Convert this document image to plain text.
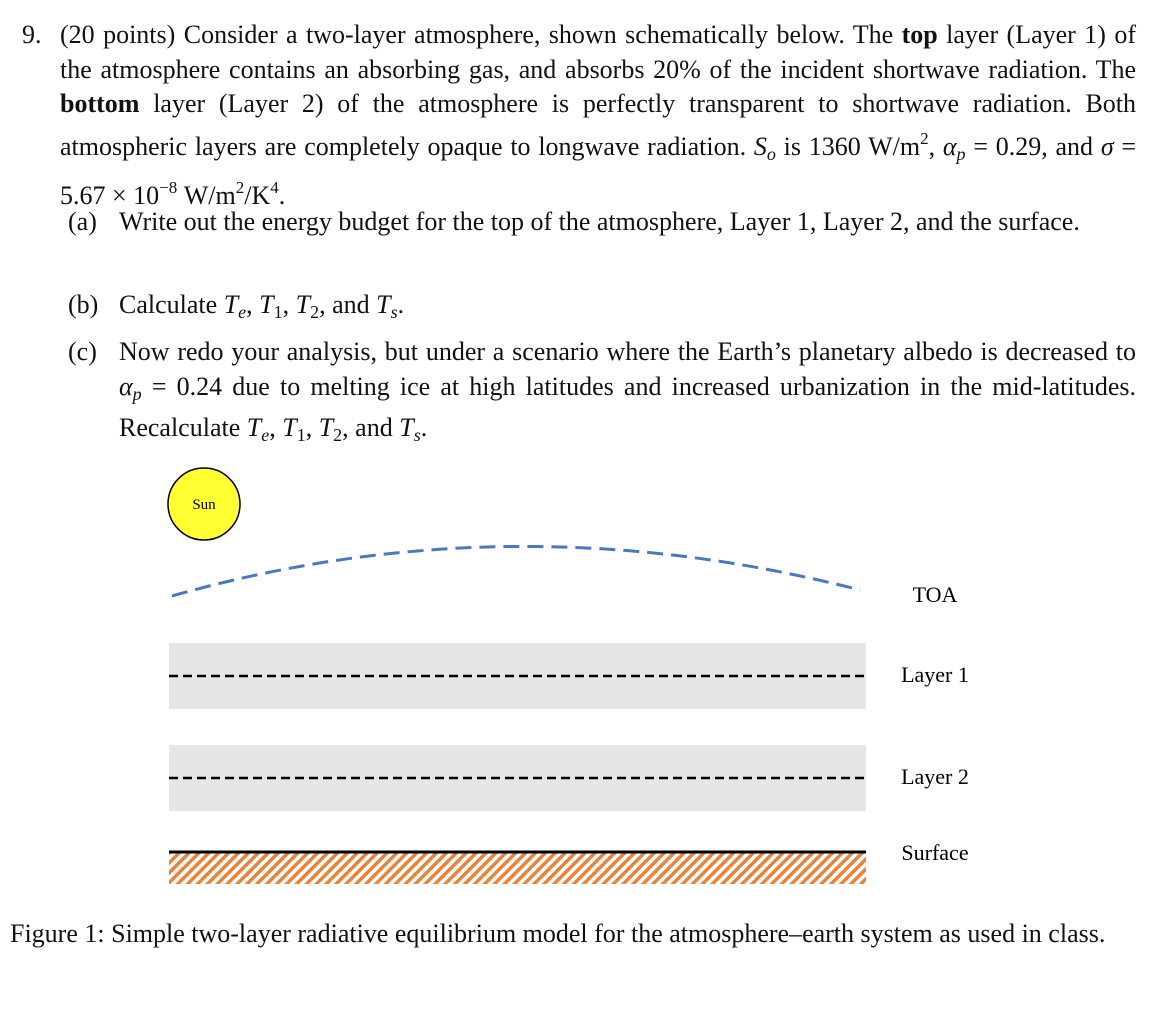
9. (20 points) Consider a two-layer atmosphere, shown schematically below. The top layer (Layer 1) of the atmosphere contains an absorbing gas, and absorbs 20% of the incident shortwave radiation. The bottom layer (Layer 2) of the atmosphere is perfectly transparent to shortwave radiation. Both atmospheric layers are completely opaque to longwave radiation. $S_o$ is 1360 $W/m^2$, $\alpha_p = 0.29$, and $\sigma = 5.67 \times 10^{-8}$ $W/m^2/K^4$.
(a) Write out the energy budget for the top of the atmosphere, Layer 1, Layer 2, and the surface.
(b) Calculate $T_e$, T1, T2, and $T_s$.
(c) Now redo your analysis, but under a scenario where the Earth’s planetary albedo is decreased to $\alpha_p = 0.24$ due to melting ice at high latitudes and increased urbanization in the mid-latitudes. Recalculate $T_e$, T1, T2, and $T_s$.
Sun
TOA
Layer 1
Layer 2
Surface
Figure 1: Simple two-layer radiative equilibrium model for the atmosphere–earth system as used in class.
